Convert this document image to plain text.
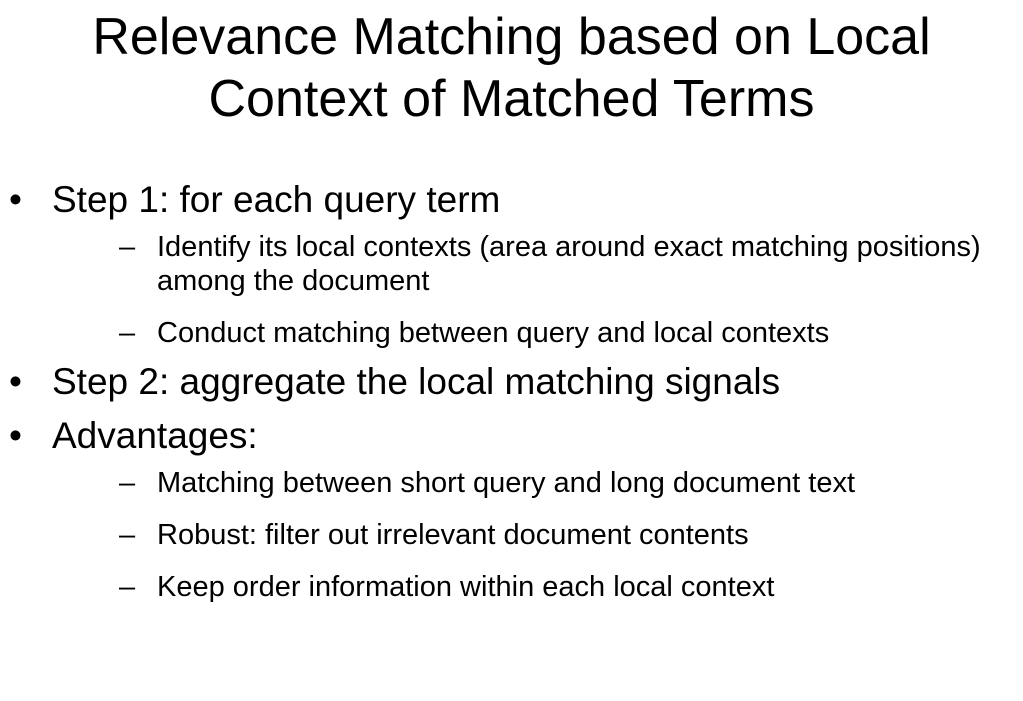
Relevance Matching based on Local
Context of Matched Terms
• Step 1: for each query term
– Identify its local contexts (area around exact matching positions) among the document
– Conduct matching between query and local contexts
• Step 2: aggregate the local matching signals
• Advantages:
– Matching between short query and long document text
– Robust: filter out irrelevant document contents
– Keep order information within each local context
